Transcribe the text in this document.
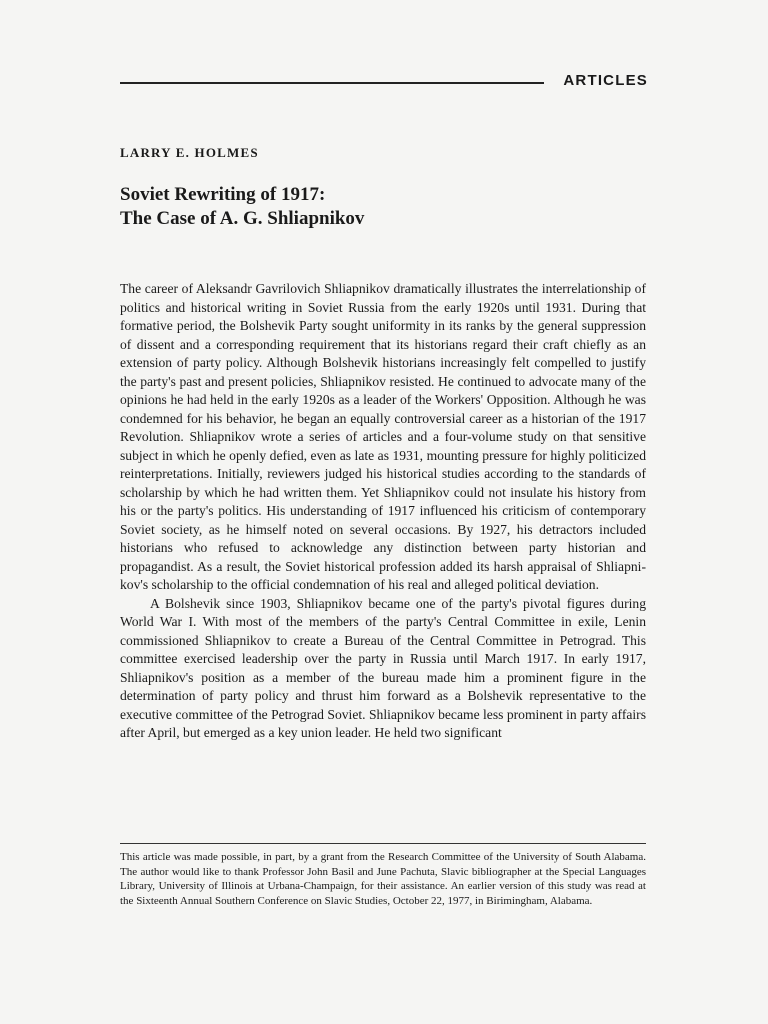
ARTICLES
LARRY E. HOLMES
Soviet Rewriting of 1917:
The Case of A. G. Shliapnikov

The career of Aleksandr Gavrilovich Shliapnikov dramatically illustrates the interrelationship of politics and historical writing in Soviet Russia from the early 1920s until 1931. During that formative period, the Bolshevik Party sought uniformity in its ranks by the general suppression of dissent and a corresponding requirement that its historians regard their craft chiefly as an extension of party policy. Although Bolshevik historians increasingly felt compelled to justify the party's past and present policies, Shliapnikov resisted. He continued to advocate many of the opinions he had held in the early 1920s as a leader of the Workers' Opposition. Although he was condemned for his behavior, he began an equally controversial career as a historian of the 1917 Revolution. Shliapnikov wrote a series of articles and a four-volume study on that sensitive subject in which he openly defied, even as late as 1931, mounting pressure for highly politicized reinterpretations. Initially, reviewers judged his historical studies according to the standards of scholarship by which he had written them. Yet Shliapnikov could not insulate his history from his or the party's politics. His understanding of 1917 influenced his criticism of contemporary Soviet society, as he himself noted on several occasions. By 1927, his detractors included historians who refused to acknowledge any distinction between party historian and propagandist. As a result, the Soviet historical profession added its harsh appraisal of Shliapnikov's scholarship to the official condemnation of his real and alleged political deviation.

A Bolshevik since 1903, Shliapnikov became one of the party's pivotal figures during World War I. With most of the members of the party's Central Committee in exile, Lenin commissioned Shliapnikov to create a Bureau of the Central Committee in Petrograd. This committee exercised leadership over the party in Russia until March 1917. In early 1917, Shliapnikov's position as a member of the bureau made him a prominent figure in the determination of party policy and thrust him forward as a Bolshevik representative to the executive committee of the Petrograd Soviet. Shliapnikov became less prominent in party affairs after April, but emerged as a key union leader. He held two significant

This article was made possible, in part, by a grant from the Research Committee of the University of South Alabama. The author would like to thank Professor John Basil and June Pachuta, Slavic bibliographer at the Special Languages Library, University of Illinois at Urbana-Champaign, for their assistance. An earlier version of this study was read at the Sixteenth Annual Southern Conference on Slavic Studies, October 22, 1977, in Birimingham, Alabama.
